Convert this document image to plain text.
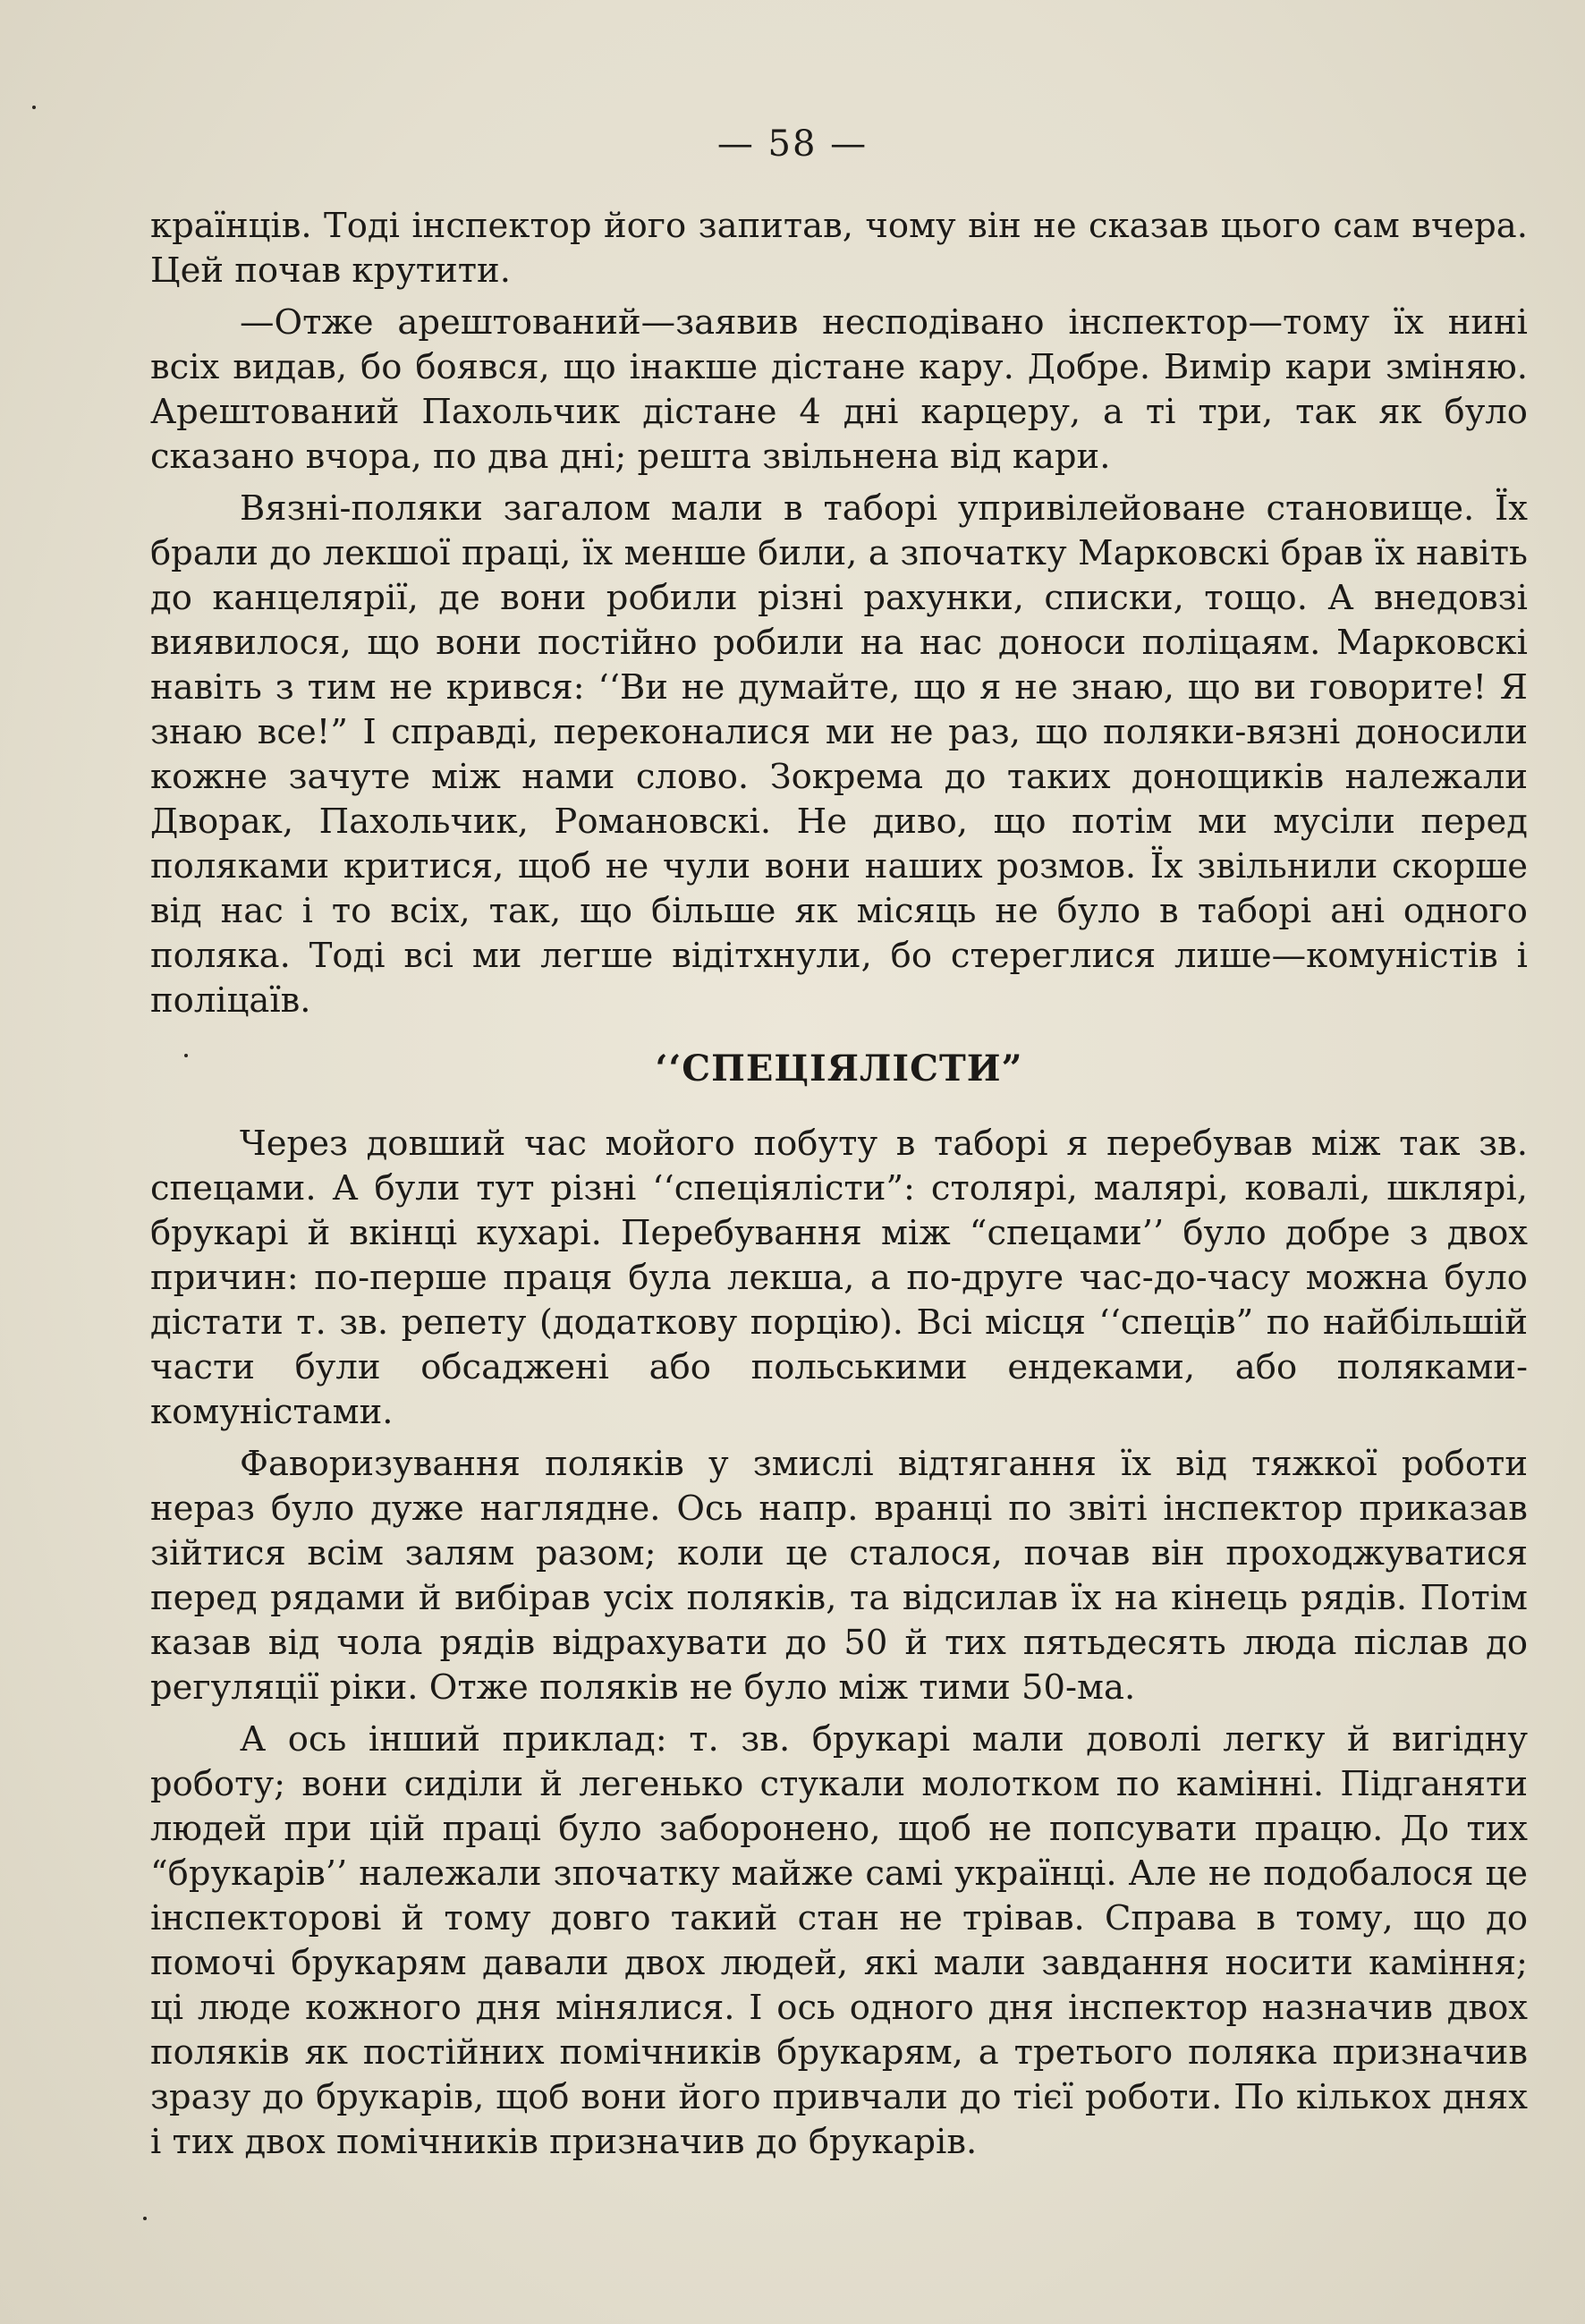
— 58 —

країнців. Тоді інспектор його запитав, чому він не сказав цього сам вчера. Цей почав крутити.

—Отже арештований—заявив несподівано інспектор—тому їх нині всіх видав, бо боявся, що інакше дістане кару. Добре. Вимір кари зміняю. Арештований Пахольчик дістане 4 дні карцеру, а ті три, так як було сказано вчора, по два дні; решта звільнена від кари.

Вязні-поляки загалом мали в таборі упривілейоване становище. Їх брали до лекшої праці, їх менше били, а зпочатку Марковскі брав їх навіть до канцелярії, де вони робили різні рахунки, списки, тощо. А внедовзі виявилося, що вони постійно робили на нас доноси поліцаям. Марковскі навіть з тим не крився: ‘‘Ви не думайте, що я не знаю, що ви говорите! Я знаю все!” І справді, переконалися ми не раз, що поляки-вязні доносили кожне зачуте між нами слово. Зокрема до таких донощиків належали Дворак, Пахольчик, Романовскі. Не диво, що потім ми мусіли перед поляками критися, щоб не чули вони наших розмов. Їх звільнили скорше від нас і то всіх, так, що більше як місяць не було в таборі ані одного поляка. Тоді всі ми легше відітхнули, бо стереглися лише—комуністів і поліцаїв.

‘‘СПЕЦІЯЛІСТИ”

Через довший час мойого побуту в таборі я перебував між так зв. спецами. А були тут різні ‘‘спеціялісти”: столярі, малярі, ковалі, шклярі, брукарі й вкінці кухарі. Перебування між “спецами’’ було добре з двох причин: по-перше праця була лекша, а по-друге час-до-часу можна було дістати т. зв. репету (додаткову порцію). Всі місця ‘‘спеців” по найбільшій части були обсаджені або польськими ендеками, або поляками-комуністами.

Фаворизування поляків у змислі відтягання їх від тяжкої роботи нераз було дуже наглядне. Ось напр. вранці по звіті інспектор приказав зійтися всім залям разом; коли це сталося, почав він проходжуватися перед рядами й вибірав усіх поляків, та відсилав їх на кінець рядів. Потім казав від чола рядів відрахувати до 50 й тих пятьдесять люда післав до регуляції ріки. Отже поляків не було між тими 50-ма.

А ось інший приклад: т. зв. брукарі мали доволі легку й вигідну роботу; вони сиділи й легенько стукали молотком по камінні. Підганяти людей при цій праці було заборонено, щоб не попсувати працю. До тих “брукарів’’ належали зпочатку майже самі українці. Але не подобалося це інспекторові й тому довго такий стан не трівав. Справа в тому, що до помочі брукарям давали двох людей, які мали завдання носити каміння; ці люде кожного дня мінялися. І ось одного дня інспектор назначив двох поляків як постійних помічників брукарям, а третього поляка призначив зразу до брукарів, щоб вони його привчали до тієї роботи. По кількох днях і тих двох помічників призначив до брукарів.
